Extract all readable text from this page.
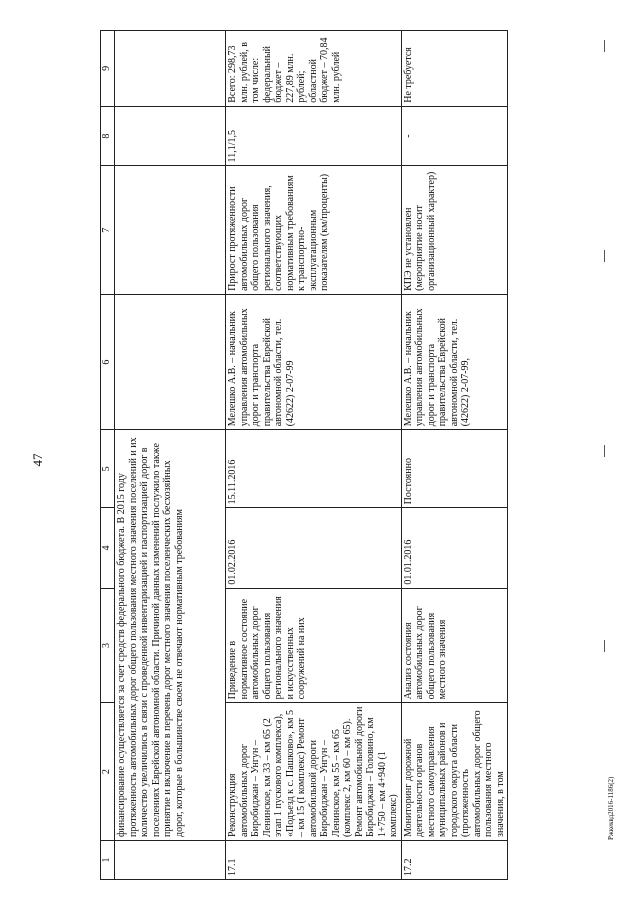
47
Ржкеквд2016-1186(2)
1	2	3	4	5	6	7	8	9
	финансирование осуществляется за счет средств федерального бюджета. В 2015 году протяженность автомобильных дорог общего пользования местного значения поселений и их количество увеличились в связи с проведенной инвентаризацией и паспортизацией дорог в поселениях Еврейской автономной области. Причиной данных изменений послужило также принятие и включение в перечень дорог местного значения поселенческих бесхозяйных дорог, которые в большинстве своем не отвечают нормативным требованиям							
17.1	Реконструкция автомобильных дорог Биробиджан – Унгун – Ленинское, км 33 – км 65 (2 этап 1 пускового комплекса), «Подъезд к с. Пашково», км 5 – км 15 (I комплекс) Ремонт автомобильной дороги Биробиджан – Унгун – Ленинское, км 55 – км 65 (комплекс 2, км 60 – км 65). Ремонт автомобильной дороги Биробиджан – Головино, км 1+750 – км 4+940 (1 комплекс)	Приведение в нормативное состояние автомобильных дорог общего пользования регионального значения и искусственных сооружений на них	01.02.2016	15.11.2016	Мелешко А.В. – начальник управления автомобильных дорог и транспорта правительства Еврейской автономной области, тел. (42622) 2-07-99	Прирост протяженности автомобильных дорог общего пользования регионального значения, соответствующих нормативным требованиям к транспортно-эксплуатационным показателям (км/проценты)	11,1/1,5	Всего: 298,73 млн. рублей, в том числе: федеральный бюджет – 227,89 млн. рублей; областной бюджет – 70,84 млн. рублей
17.2	Мониторинг дорожной деятельности органов местного самоуправления муниципальных районов и городского округа области (протяженность автомобильных дорог общего пользования местного значения, в том	Анализ состояния автомобильных дорог общего пользования местного значения	01.01.2016	Постоянно	Мелешко А.В. – начальник управления автомобильных дорог и транспорта правительства Еврейской автономной области, тел. (42622) 2-07-99,	КПЭ не установлен (мероприятие носит организационный характер)	-	Не требуется
